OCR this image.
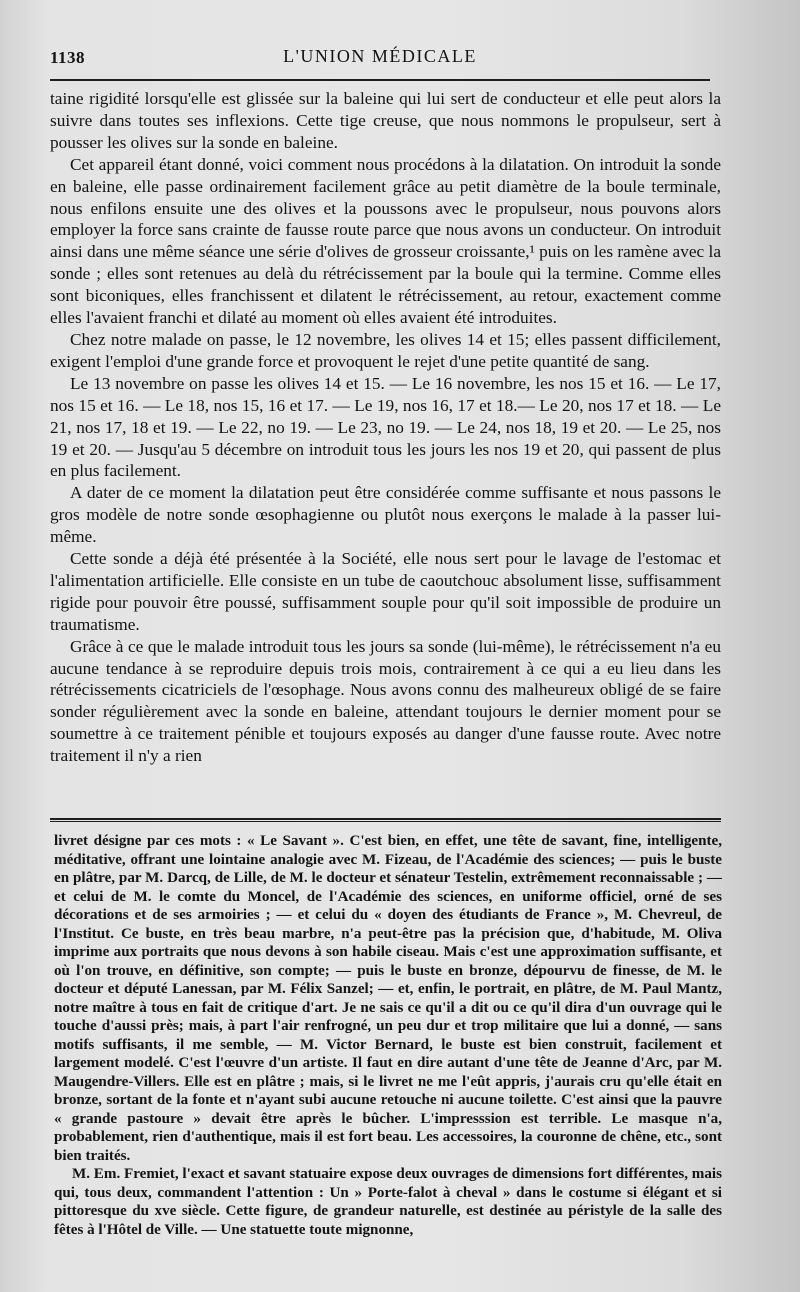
1138	L'UNION MÉDICALE

taine rigidité lorsqu'elle est glissée sur la baleine qui lui sert de conducteur et elle peut alors la suivre dans toutes ses inflexions. Cette tige creuse, que nous nommons le propulseur, sert à pousser les olives sur la sonde en baleine.

Cet appareil étant donné, voici comment nous procédons à la dilatation. On introduit la sonde en baleine, elle passe ordinairement facilement grâce au petit diamètre de la boule terminale, nous enfilons ensuite une des olives et la poussons avec le propulseur, nous pouvons alors employer la force sans crainte de fausse route parce que nous avons un conducteur. On introduit ainsi dans une même séance une série d'olives de grosseur croissante,¹ puis on les ramène avec la sonde ; elles sont retenues au delà du rétrécissement par la boule qui la termine. Comme elles sont biconiques, elles franchissent et dilatent le rétrécissement, au retour, exactement comme elles l'avaient franchi et dilaté au moment où elles avaient été introduites.

Chez notre malade on passe, le 12 novembre, les olives 14 et 15; elles passent difficilement, exigent l'emploi d'une grande force et provoquent le rejet d'une petite quantité de sang.

Le 13 novembre on passe les olives 14 et 15. — Le 16 novembre, les nos 15 et 16. — Le 17, nos 15 et 16. — Le 18, nos 15, 16 et 17. — Le 19, nos 16, 17 et 18.— Le 20, nos 17 et 18. — Le 21, nos 17, 18 et 19. — Le 22, no 19. — Le 23, no 19. — Le 24, nos 18, 19 et 20. — Le 25, nos 19 et 20. — Jusqu'au 5 décembre on introduit tous les jours les nos 19 et 20, qui passent de plus en plus facilement.

A dater de ce moment la dilatation peut être considérée comme suffisante et nous passons le gros modèle de notre sonde œsophagienne ou plutôt nous exerçons le malade à la passer lui-même.

Cette sonde a déjà été présentée à la Société, elle nous sert pour le lavage de l'estomac et l'alimentation artificielle. Elle consiste en un tube de caoutchouc absolument lisse, suffisamment rigide pour pouvoir être poussé, suffisamment souple pour qu'il soit impossible de produire un traumatisme.

Grâce à ce que le malade introduit tous les jours sa sonde (lui-même), le rétrécissement n'a eu aucune tendance à se reproduire depuis trois mois, contrairement à ce qui a eu lieu dans les rétrécissements cicatriciels de l'œsophage. Nous avons connu des malheureux obligé de se faire sonder régulièrement avec la sonde en baleine, attendant toujours le dernier moment pour se soumettre à ce traitement pénible et toujours exposés au danger d'une fausse route. Avec notre traitement il n'y a rien

livret désigne par ces mots : « Le Savant ». C'est bien, en effet, une tête de savant, fine, intelligente, méditative, offrant une lointaine analogie avec M. Fizeau, de l'Académie des sciences; — puis le buste en plâtre, par M. Darcq, de Lille, de M. le docteur et sénateur Testelin, extrêmement reconnaissable ; — et celui de M. le comte du Moncel, de l'Académie des sciences, en uniforme officiel, orné de ses décorations et de ses armoiries ; — et celui du « doyen des étudiants de France », M. Chevreul, de l'Institut. Ce buste, en très beau marbre, n'a peut-être pas la précision que, d'habitude, M. Oliva imprime aux portraits que nous devons à son habile ciseau. Mais c'est une approximation suffisante, et où l'on trouve, en définitive, son compte; — puis le buste en bronze, dépourvu de finesse, de M. le docteur et député Lanessan, par M. Félix Sanzel; — et, enfin, le portrait, en plâtre, de M. Paul Mantz, notre maître à tous en fait de critique d'art. Je ne sais ce qu'il a dit ou ce qu'il dira d'un ouvrage qui le touche d'aussi près; mais, à part l'air renfrogné, un peu dur et trop militaire que lui a donné, — sans motifs suffisants, il me semble, — M. Victor Bernard, le buste est bien construit, facilement et largement modelé. C'est l'œuvre d'un artiste. Il faut en dire autant d'une tête de Jeanne d'Arc, par M. Maugendre-Villers. Elle est en plâtre ; mais, si le livret ne me l'eût appris, j'aurais cru qu'elle était en bronze, sortant de la fonte et n'ayant subi aucune retouche ni aucune toilette. C'est ainsi que la pauvre « grande pastoure » devait être après le bûcher. L'impresssion est terrible. Le masque n'a, probablement, rien d'authentique, mais il est fort beau. Les accessoires, la couronne de chêne, etc., sont bien traités.

M. Em. Fremiet, l'exact et savant statuaire expose deux ouvrages de dimensions fort différentes, mais qui, tous deux, commandent l'attention : Un » Porte-falot à cheval » dans le costume si élégant et si pittoresque du xve siècle. Cette figure, de grandeur naturelle, est destinée au péristyle de la salle des fêtes à l'Hôtel de Ville. — Une statuette toute mignonne,
